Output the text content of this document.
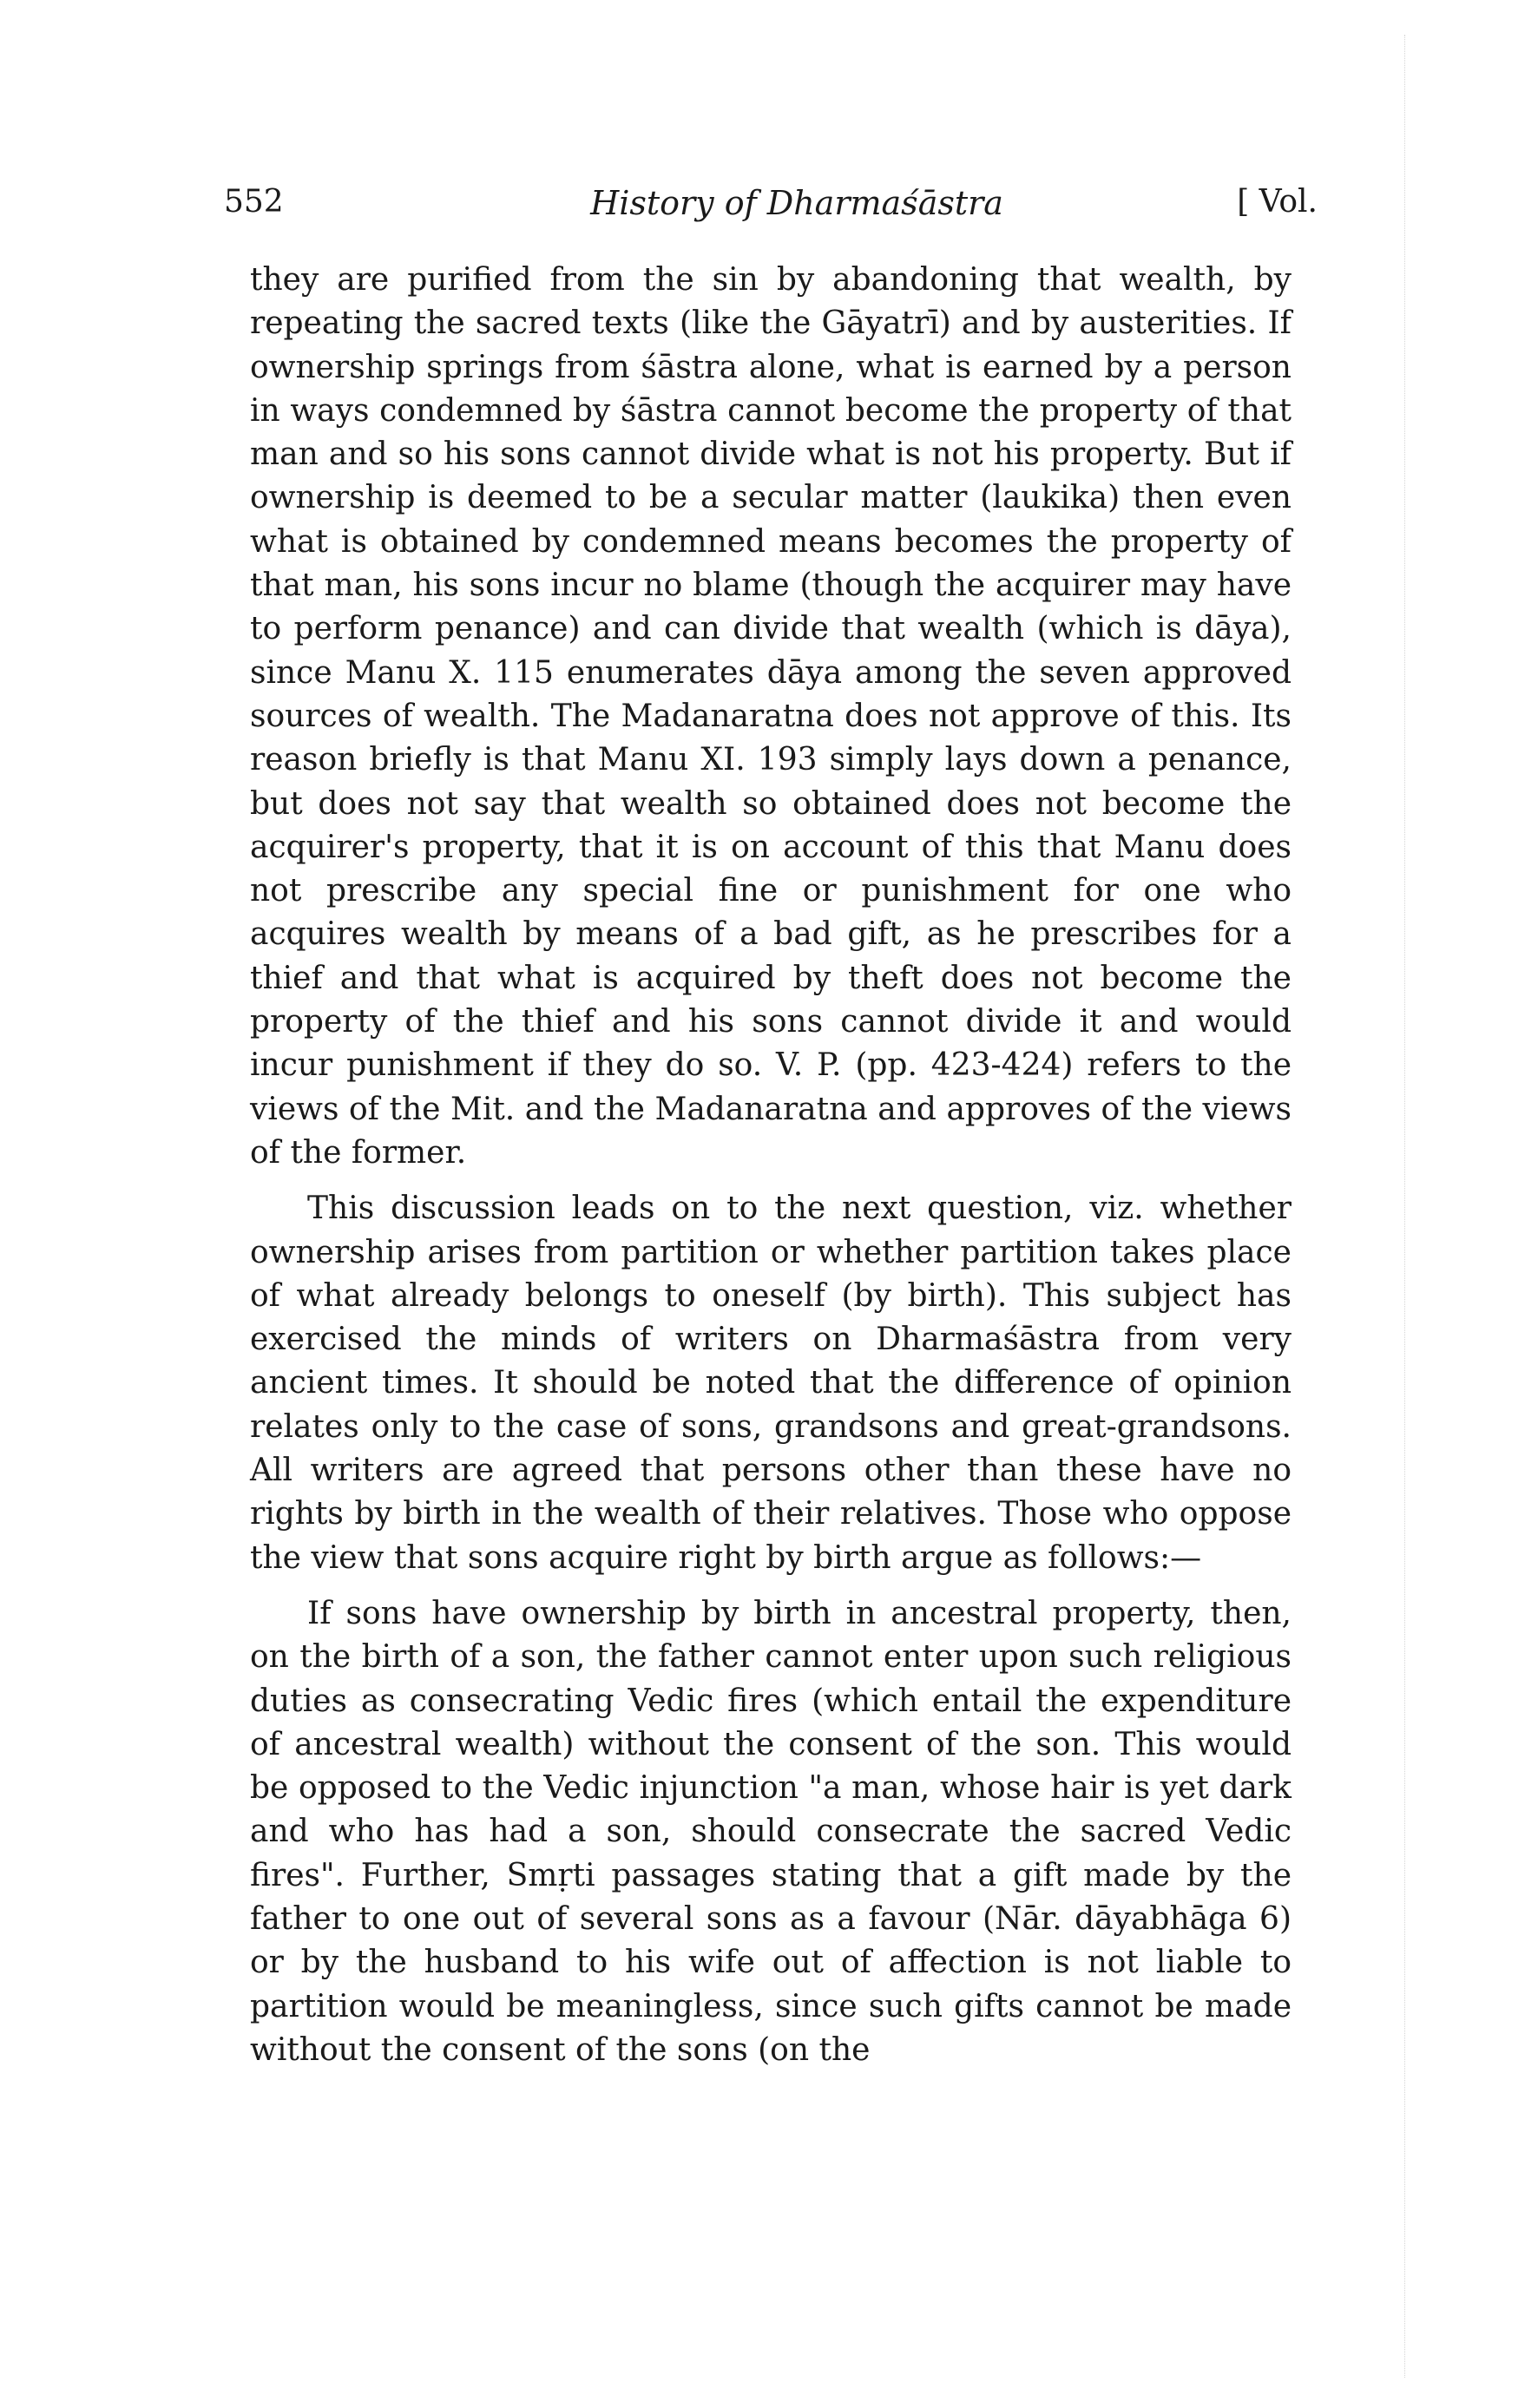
552	History of Dharmaśāstra	[ Vol.

they are purified from the sin by abandoning that wealth, by repeating the sacred texts (like the Gāyatrī) and by austerities. If ownership springs from śāstra alone, what is earned by a person in ways condemned by śāstra cannot become the property of that man and so his sons cannot divide what is not his property. But if ownership is deemed to be a secular matter (laukika) then even what is obtained by condemned means becomes the property of that man, his sons incur no blame (though the acquirer may have to perform penance) and can divide that wealth (which is dāya), since Manu X. 115 enumerates dāya among the seven approved sources of wealth. The Madanaratna does not approve of this. Its reason briefly is that Manu XI. 193 simply lays down a penance, but does not say that wealth so obtained does not become the acquirer's property, that it is on account of this that Manu does not prescribe any special fine or punishment for one who acquires wealth by means of a bad gift, as he prescribes for a thief and that what is acquired by theft does not become the property of the thief and his sons cannot divide it and would incur punishment if they do so. V. P. (pp. 423-424) refers to the views of the Mit. and the Madanaratna and approves of the views of the former.

This discussion leads on to the next question, viz. whether ownership arises from partition or whether partition takes place of what already belongs to oneself (by birth). This subject has exercised the minds of writers on Dharmaśāstra from very ancient times. It should be noted that the difference of opinion relates only to the case of sons, grandsons and great-grandsons. All writers are agreed that persons other than these have no rights by birth in the wealth of their relatives. Those who oppose the view that sons acquire right by birth argue as follows:—

If sons have ownership by birth in ancestral property, then, on the birth of a son, the father cannot enter upon such religious duties as consecrating Vedic fires (which entail the expenditure of ancestral wealth) without the consent of the son. This would be opposed to the Vedic injunction "a man, whose hair is yet dark and who has had a son, should consecrate the sacred Vedic fires". Further, Smṛti passages stating that a gift made by the father to one out of several sons as a favour (Nār. dāyabhāga 6) or by the husband to his wife out of affection is not liable to partition would be meaningless, since such gifts cannot be made without the consent of the sons (on the
